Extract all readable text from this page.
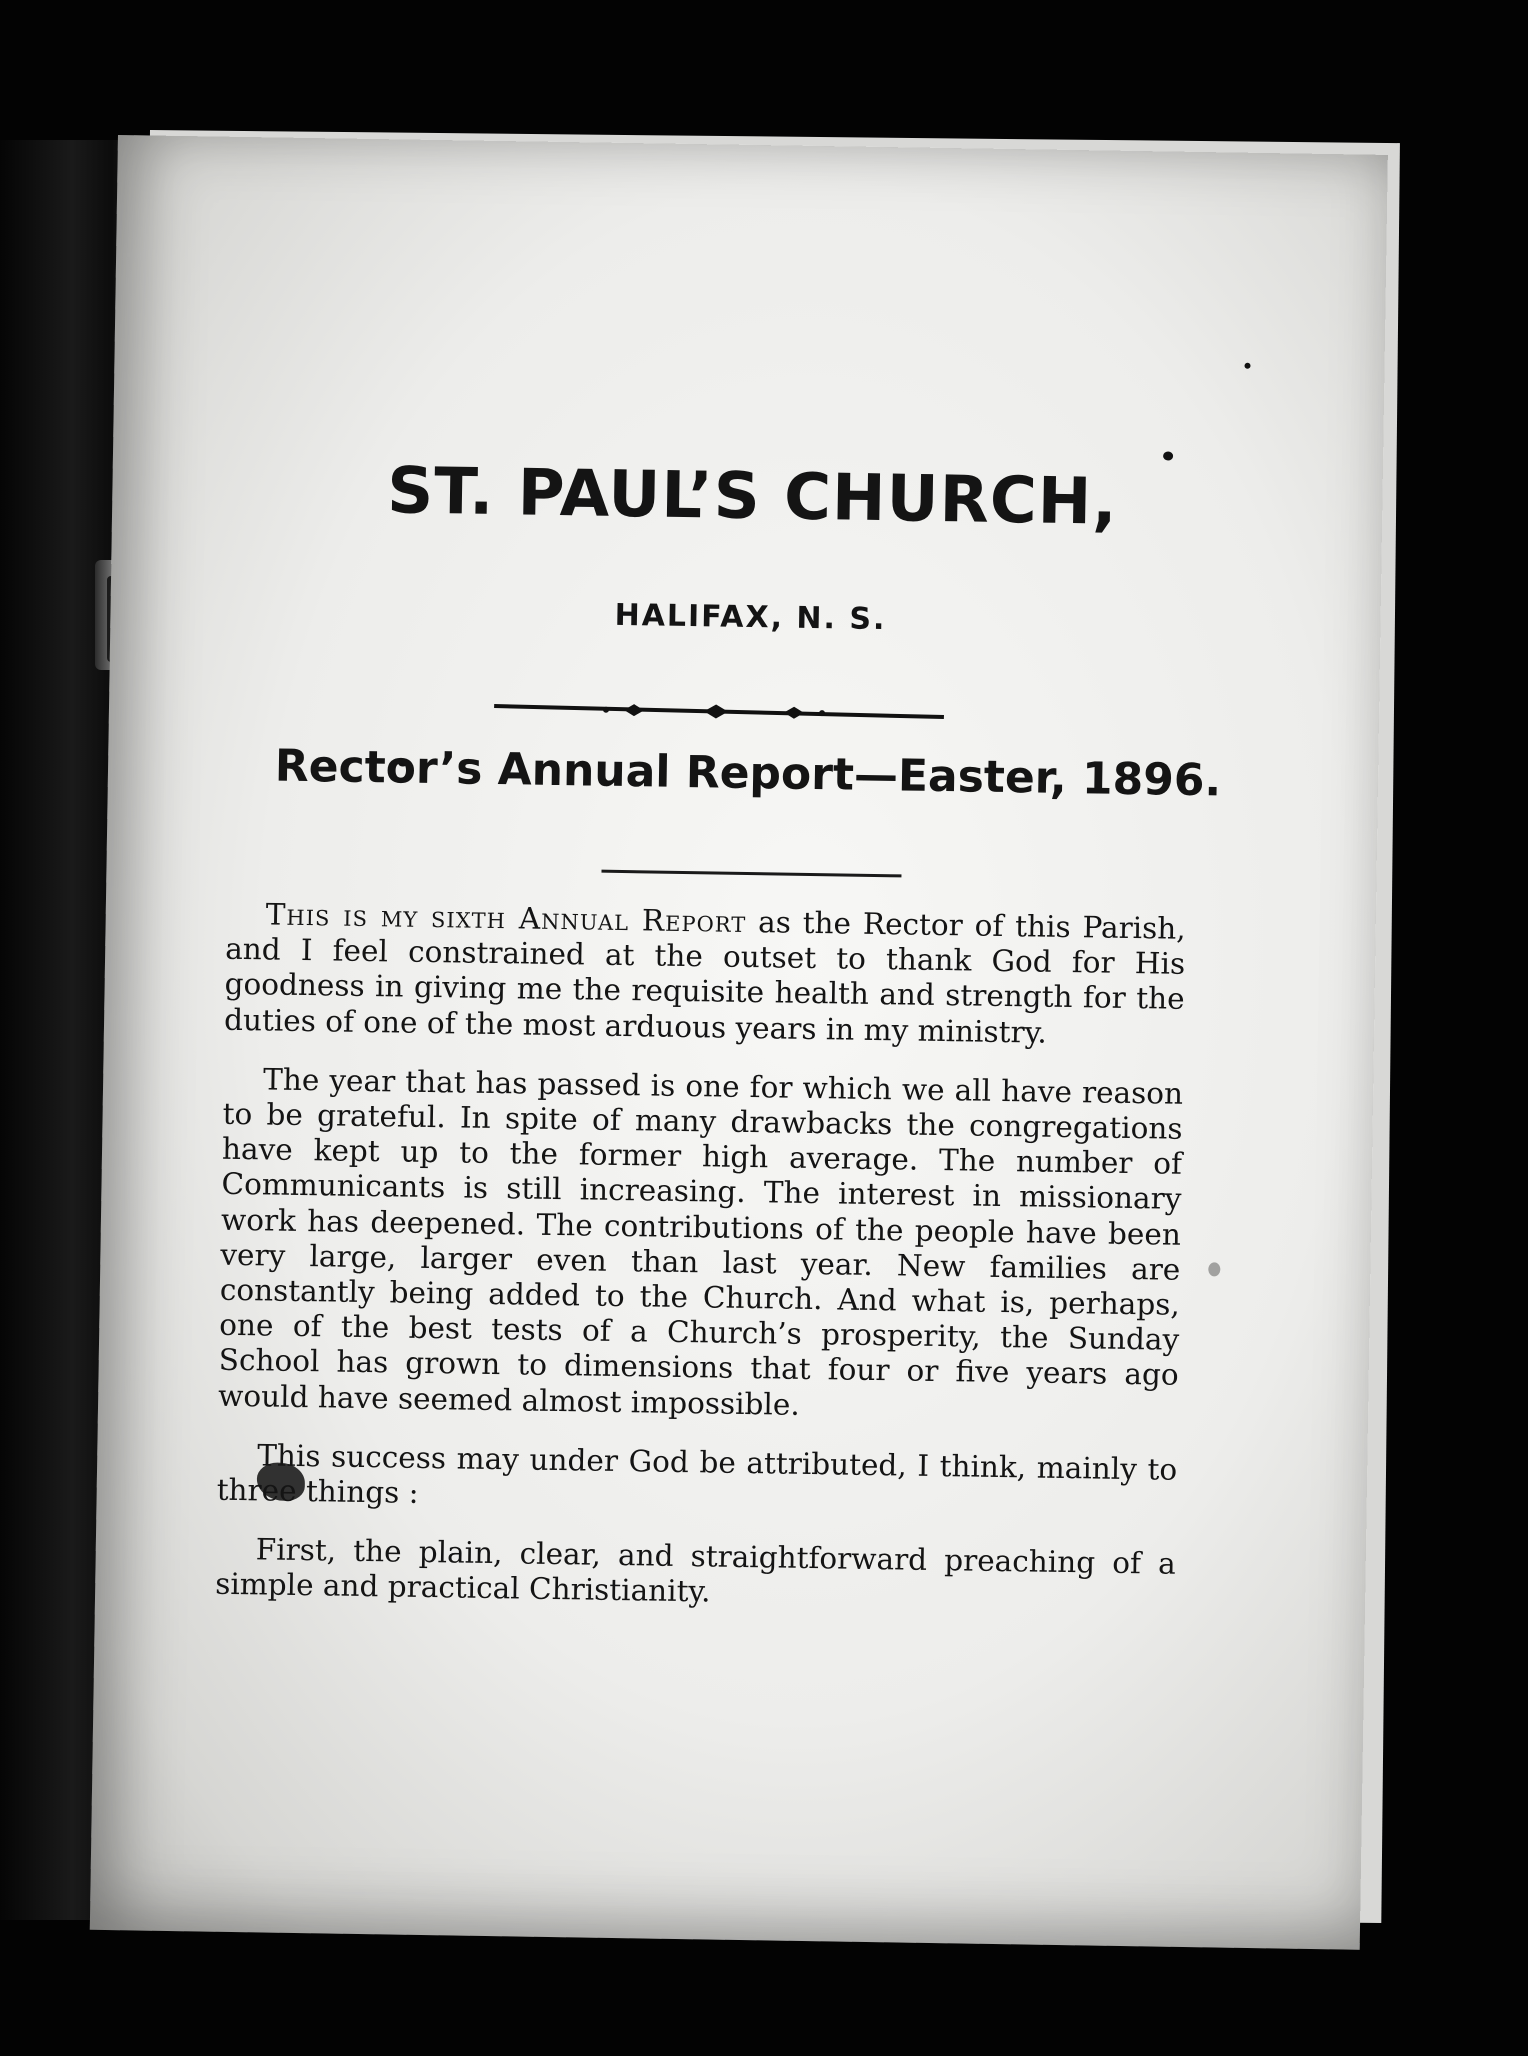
ST. PAUL’S CHURCH,
HALIFAX, N. S.
Rector’s Annual Report—Easter, 1896.

This is my sixth Annual Report as the Rector of this Parish, and I feel constrained at the outset to thank God for His goodness in giving me the requisite health and strength for the duties of one of the most arduous years in my ministry.

The year that has passed is one for which we all have reason to be grateful. In spite of many drawbacks the congregations have kept up to the former high average. The number of Communicants is still increasing. The interest in missionary work has deepened. The contributions of the people have been very large, larger even than last year. New families are constantly being added to the Church. And what is, perhaps, one of the best tests of a Church’s prosperity, the Sunday School has grown to dimensions that four or five years ago would have seemed almost impossible.

This success may under God be attributed, I think, mainly to three things :

First, the plain, clear, and straightforward preaching of a simple and practical Christianity.
